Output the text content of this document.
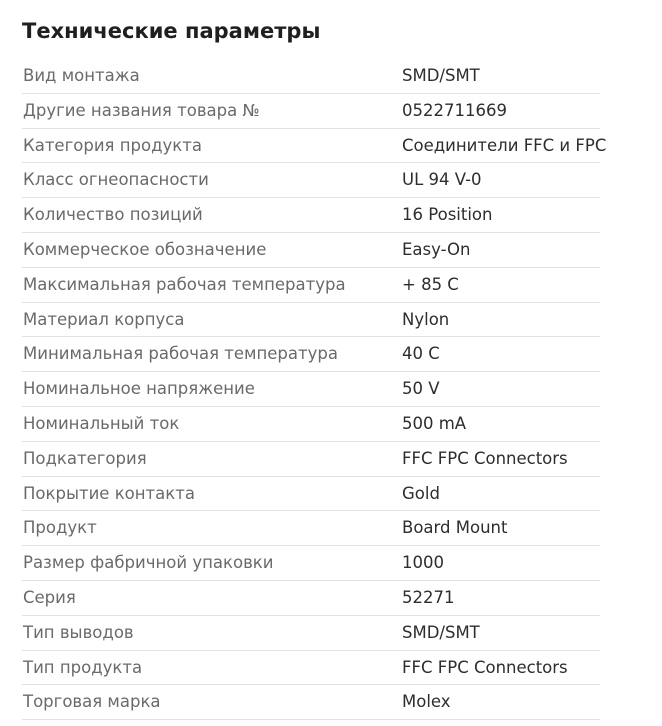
Технические параметры
Вид монтажа	SMD/SMT
Другие названия товара №	0522711669
Категория продукта	Соединители FFC и FPC
Класс огнеопасности	UL 94 V-0
Количество позиций	16 Position
Коммерческое обозначение	Easy-On
Максимальная рабочая температура	+ 85 C
Материал корпуса	Nylon
Минимальная рабочая температура	40 C
Номинальное напряжение	50 V
Номинальный ток	500 mA
Подкатегория	FFC FPC Connectors
Покрытие контакта	Gold
Продукт	Board Mount
Размер фабричной упаковки	1000
Серия	52271
Тип выводов	SMD/SMT
Тип продукта	FFC FPC Connectors
Торговая марка	Molex
